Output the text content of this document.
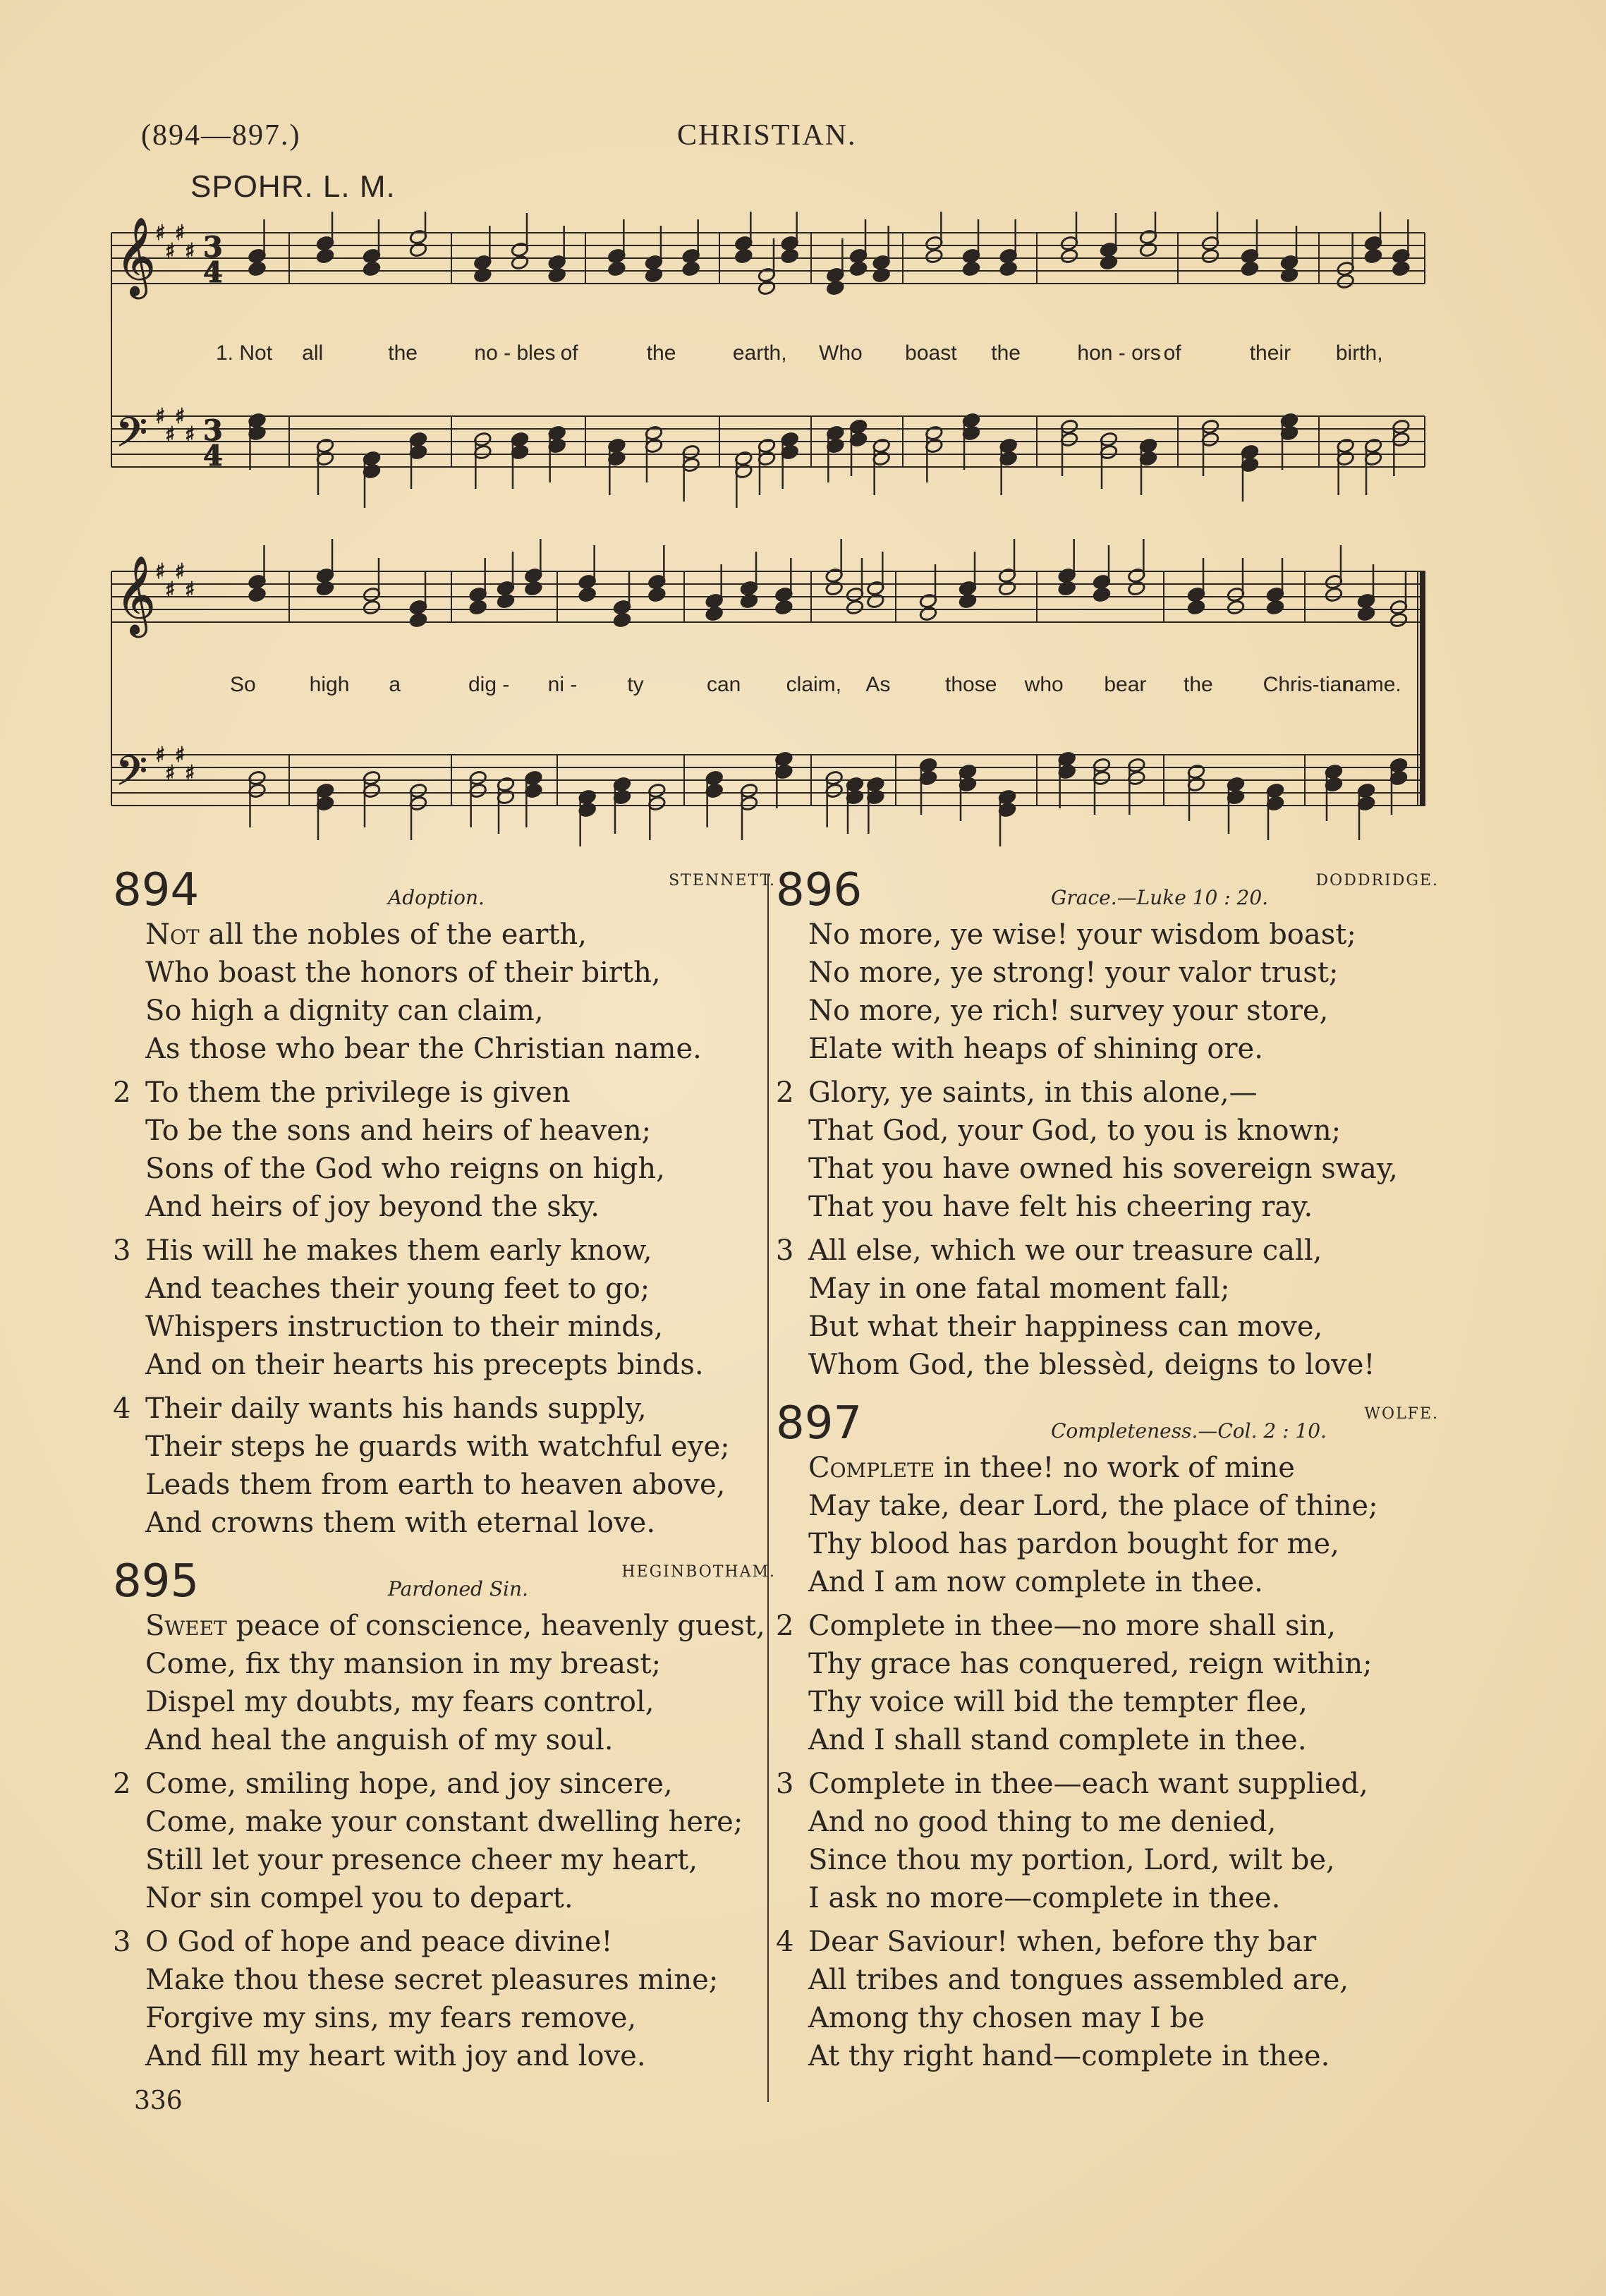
(894—897.)	CHRISTIAN.
SPOHR. L. M.
𝄞 ♯
♯
♯
♯ 3
4
𝄢 ♯
♯
♯
♯ 3
4
𝄞 ♯
♯
♯
♯
𝄢 ♯
♯
♯
♯
1. Not all	the	no - bles of	the	earth, Who boast the	hon - ors of	their birth,
So	high a	dig - ni - ty	can claim, As	those who bear the Chris-tian
name.
894	Adoption.
STENNETT.
Not all the nobles of the earth,
Who boast the honors of their birth,
So high a dignity can claim,
As those who bear the Christian name.
2 To them the privilege is given
To be the sons and heirs of heaven;
Sons of the God who reigns on high,
And heirs of joy beyond the sky.
3 His will he makes them early know,
And teaches their young feet to go;
Whispers instruction to their minds,
And on their hearts his precepts binds.
4 Their daily wants his hands supply,
Their steps he guards with watchful eye;
Leads them from earth to heaven above,
And crowns them with eternal love.
895	Pardoned Sin.
HEGINBOTHAM.
Sweet peace of conscience, heavenly guest,
Come, fix thy mansion in my breast;
Dispel my doubts, my fears control,
And heal the anguish of my soul.
2 Come, smiling hope, and joy sincere,
Come, make your constant dwelling here;
Still let your presence cheer my heart,
Nor sin compel you to depart.
3 O God of hope and peace divine!
Make thou these secret pleasures mine;
Forgive my sins, my fears remove,
And fill my heart with joy and love.
896	Grace.—Luke 10 : 20.
DODDRIDGE.
No more, ye wise! your wisdom boast;
No more, ye strong! your valor trust;
No more, ye rich! survey your store,
Elate with heaps of shining ore.
2 Glory, ye saints, in this alone,—
That God, your God, to you is known;
That you have owned his sovereign sway,
That you have felt his cheering ray.
3 All else, which we our treasure call,
May in one fatal moment fall;
But what their happiness can move,
Whom God, the blessèd, deigns to love!
897	Completeness.—Col. 2 : 10.
WOLFE.
Complete in thee! no work of mine
May take, dear Lord, the place of thine;
Thy blood has pardon bought for me,
And I am now complete in thee.
2 Complete in thee—no more shall sin,
Thy grace has conquered, reign within;
Thy voice will bid the tempter flee,
And I shall stand complete in thee.
3 Complete in thee—each want supplied,
And no good thing to me denied,
Since thou my portion, Lord, wilt be,
I ask no more—complete in thee.
4 Dear Saviour! when, before thy bar
All tribes and tongues assembled are,
Among thy chosen may I be
At thy right hand—complete in thee.
336
